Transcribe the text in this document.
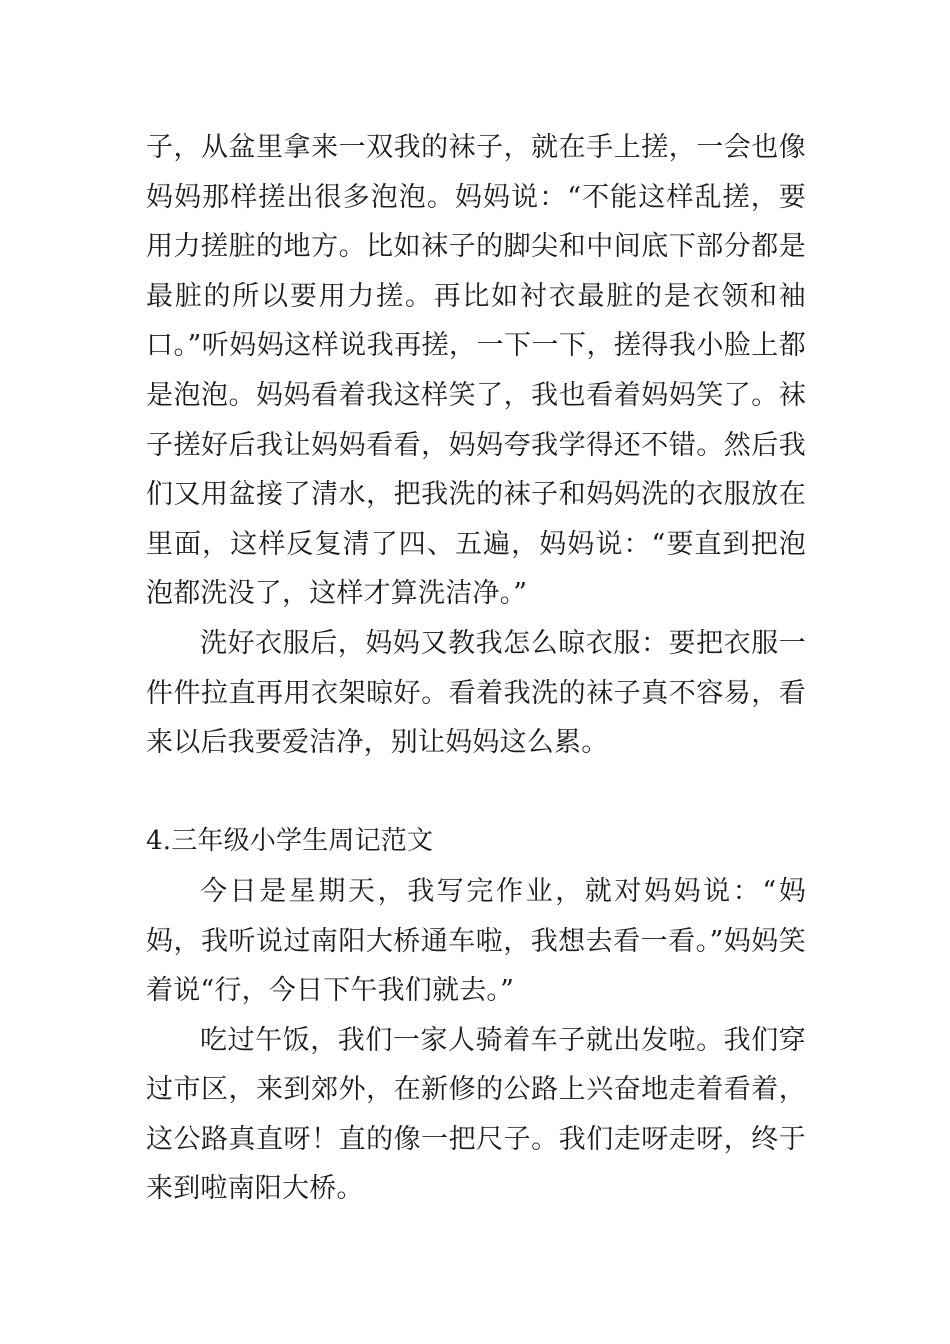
子，从盆里拿来一双我的袜子，就在手上搓，一会也像妈妈那样搓出很多泡泡。妈妈说：“不能这样乱搓，要用力搓脏的地方。比如袜子的脚尖和中间底下部分都是最脏的所以要用力搓。再比如衬衣最脏的是衣领和袖口。”听妈妈这样说我再搓，一下一下，搓得我小脸上都是泡泡。妈妈看着我这样笑了，我也看着妈妈笑了。袜子搓好后我让妈妈看看，妈妈夸我学得还不错。然后我们又用盆接了清水，把我洗的袜子和妈妈洗的衣服放在里面，这样反复清了四、五遍，妈妈说：“要直到把泡泡都洗没了，这样才算洗洁净。”

洗好衣服后，妈妈又教我怎么晾衣服：要把衣服一件件拉直再用衣架晾好。看着我洗的袜子真不容易，看来以后我要爱洁净，别让妈妈这么累。

4.三年级小学生周记范文

今日是星期天，我写完作业，就对妈妈说：“妈妈，我听说过南阳大桥通车啦，我想去看一看。”妈妈笑着说“行，今日下午我们就去。”

吃过午饭，我们一家人骑着车子就出发啦。我们穿过市区，来到郊外，在新修的公路上兴奋地走着看着，这公路真直呀！直的像一把尺子。我们走呀走呀，终于来到啦南阳大桥。
